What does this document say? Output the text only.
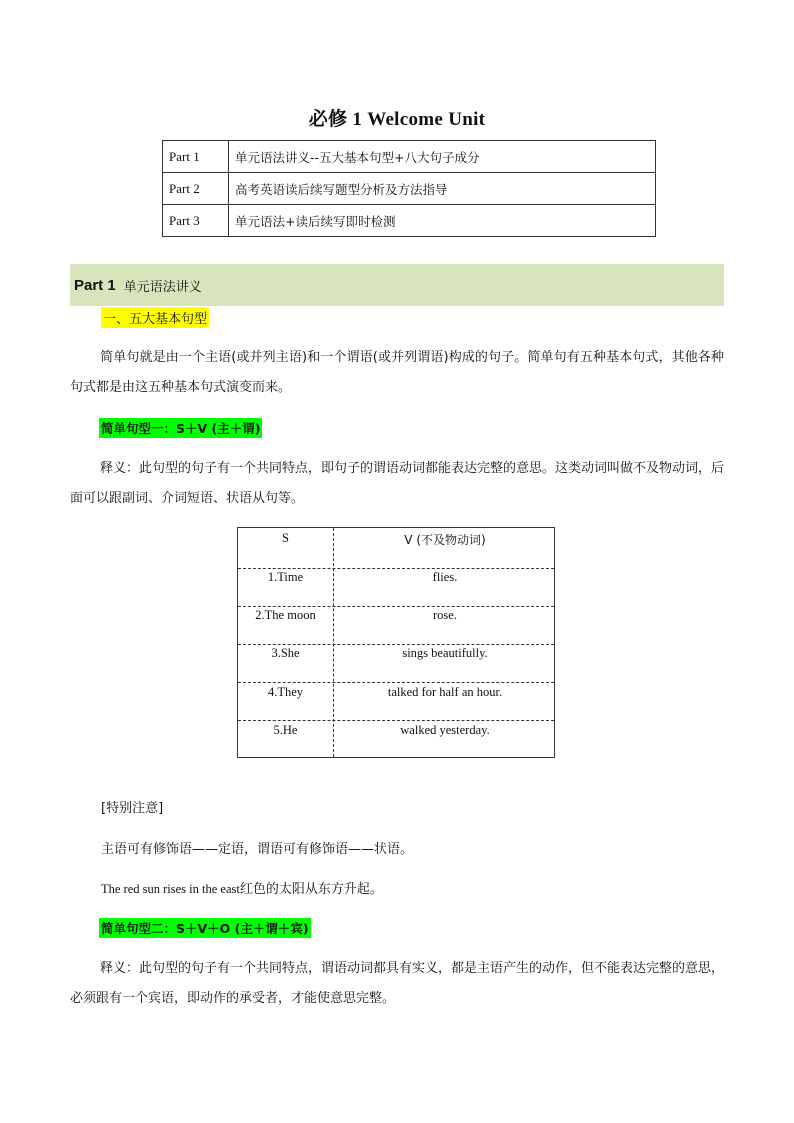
必修 1 Welcome Unit
Part 1	单元语法讲义--五大基本句型+八大句子成分
Part 2	高考英语读后续写题型分析及方法指导
Part 3	单元语法+读后续写即时检测
Part 1 单元语法讲义
一、五大基本句型
简单句就是由一个主语(或并列主语)和一个谓语(或并列谓语)构成的句子。简单句有五种基本句式，其他各种句式都是由这五种基本句式演变而来。
简单句型一：S＋V (主＋谓)
释义：此句型的句子有一个共同特点，即句子的谓语动词都能表达完整的意思。这类动词叫做不及物动词，后面可以跟副词、介词短语、状语从句等。
S	V (不及物动词)
1.Time	flies.
2.The moon	rose.
3.She	sings beautifully.
4.They	talked for half an hour.
5.He	walked yesterday.
[特别注意]
主语可有修饰语——定语，谓语可有修饰语——状语。
The red sun rises in the east红色的太阳从东方升起。
简单句型二：S＋V＋O (主＋谓＋宾)
释义：此句型的句子有一个共同特点，谓语动词都具有实义，都是主语产生的动作，但不能表达完整的意思，必须跟有一个宾语，即动作的承受者，才能使意思完整。
